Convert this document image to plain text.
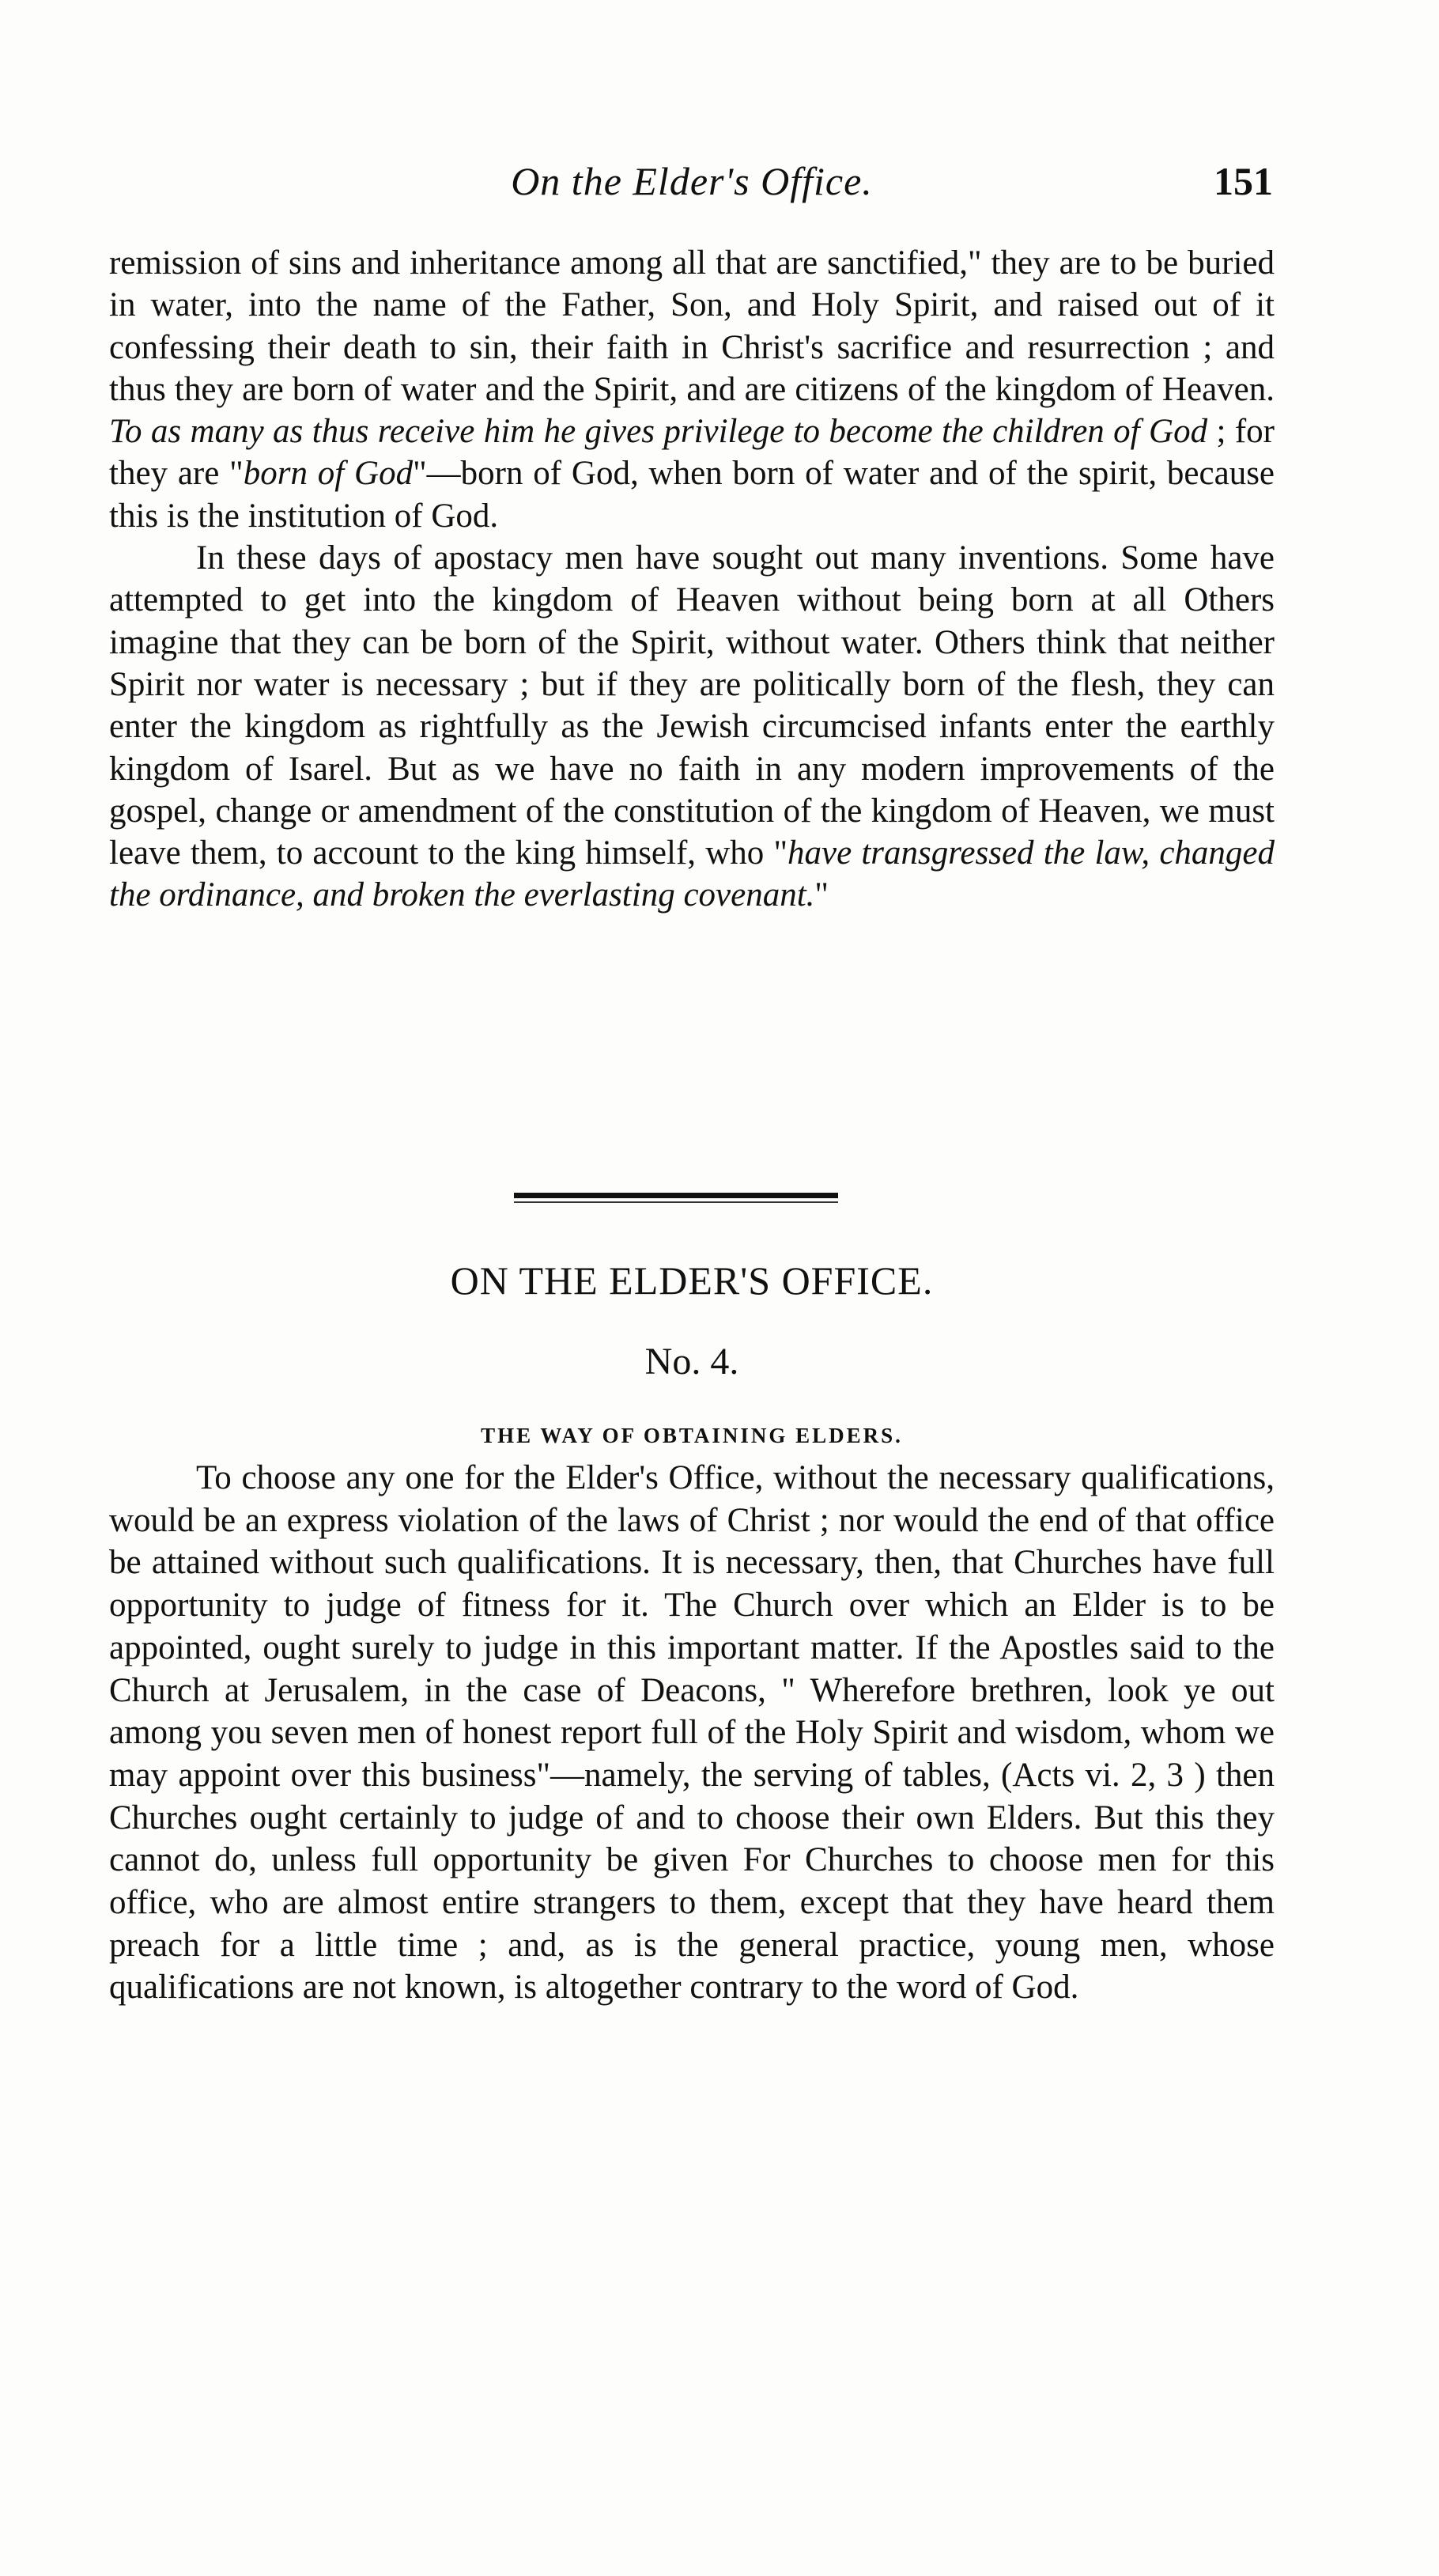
On the Elder's Office.	151

remission of sins and inheritance among all that are sanctified," they are to be buried in water, into the name of the Father, Son, and Holy Spirit, and raised out of it confessing their death to sin, their faith in Christ's sacrifice and resurrection ; and thus they are born of water and the Spirit, and are citizens of the kingdom of Heaven. To as many as thus receive him he gives privilege to become the children of God ; for they are "born of God"—born of God, when born of water and of the spirit, because this is the institution of God.

In these days of apostacy men have sought out many inventions. Some have attempted to get into the kingdom of Heaven without being born at all Others imagine that they can be born of the Spirit, without water. Others think that neither Spirit nor water is necessary ; but if they are politically born of the flesh, they can enter the kingdom as rightfully as the Jewish circumcised infants enter the earthly kingdom of Isarel. But as we have no faith in any modern improvements of the gospel, change or amendment of the constitution of the kingdom of Heaven, we must leave them, to account to the king himself, who "have transgressed the law, changed the ordinance, and broken the everlasting covenant."

ON THE ELDER'S OFFICE.
No. 4.
THE WAY OF OBTAINING ELDERS.

To choose any one for the Elder's Office, without the necessary qualifications, would be an express violation of the laws of Christ ; nor would the end of that office be attained without such qualifications. It is necessary, then, that Churches have full opportunity to judge of fitness for it. The Church over which an Elder is to be appointed, ought surely to judge in this important matter. If the Apostles said to the Church at Jerusalem, in the case of Deacons, " Wherefore brethren, look ye out among you seven men of honest report full of the Holy Spirit and wisdom, whom we may appoint over this business"—namely, the serving of tables, (Acts vi. 2, 3 ) then Churches ought certainly to judge of and to choose their own Elders. But this they cannot do, unless full opportunity be given For Churches to choose men for this office, who are almost entire strangers to them, except that they have heard them preach for a little time ; and, as is the general practice, young men, whose qualifications are not known, is altogether contrary to the word of God.
